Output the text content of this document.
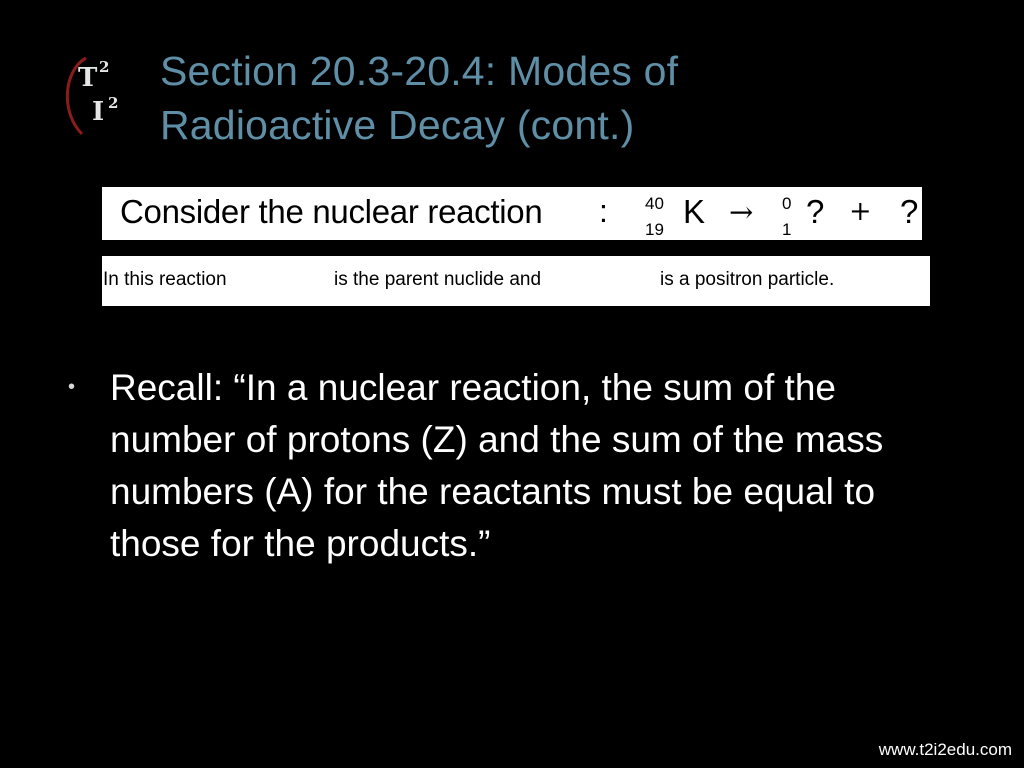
T 2
I 2
Section 20.3-20.4: Modes of
Radioactive Decay (cont.)
Consider the nuclear reaction : 40
19 K → 0
1 ? + ?
In this reaction	is the parent nuclide and	is a positron particle.
• Recall: “In a nuclear reaction, the sum of the number of protons (Z) and the sum of the mass numbers (A) for the reactants must be equal to those for the products.”
www.t2i2edu.com
